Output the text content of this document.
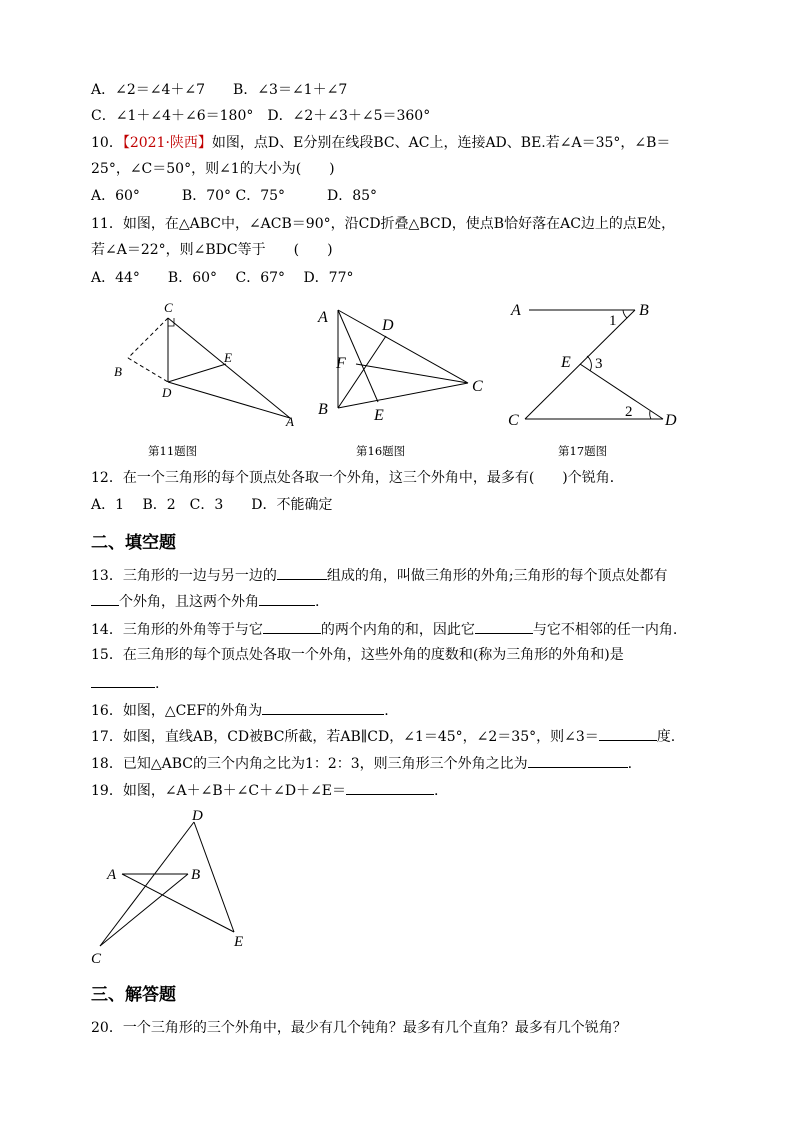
A．∠2＝∠4＋∠7 B．∠3＝∠1＋∠7
C．∠1＋∠4＋∠6＝180° D．∠2＋∠3＋∠5＝360°
10．【2021·陕西】如图，点D、E分别在线段BC、AC上，连接AD、BE.若∠A＝35°，∠B＝
25°，∠C＝50°，则∠1的大小为(　　)
A．60°　　　B．70° C．75°　　　D．85°
11．如图，在△ABC中，∠ACB＝90°，沿CD折叠△BCD，使点B恰好落在AC边上的点E处，
若∠A＝22°，则∠BDC等于　　(　　)
A．44°　　B．60°　 C．67°　 D．77°
C
B
E
D
A
第11题图
A	D
F
C
B	E
第16题图
A	B
1
E 3
2
C	D
第17题图
12．在一个三角形的每个顶点处各取一个外角，这三个外角中，最多有(　　)个锐角．
A．1　 B．2　C．3　　D．不能确定
二、填空题
13．三角形的一边与另一边的	组成的角，叫做三角形的外角;三角形的每个顶点处都有
个外角，且这两个外角	.
14．三角形的外角等于与它	的两个内角的和，因此它	与它不相邻的任一内角.
15．在三角形的每个顶点处各取一个外角，这些外角的度数和(称为三角形的外角和)是
.
16．如图，△CEF的外角为	.
17．如图，直线AB，CD被BC所截，若AB∥CD，∠1＝45°，∠2＝35°，则∠3＝	度.
18．已知△ABC的三个内角之比为1：2：3，则三角形三个外角之比为	.
19．如图，∠A＋∠B＋∠C＋∠D＋∠E＝	.
D
A	B
C
E
三、解答题
20．一个三角形的三个外角中，最少有几个钝角？最多有几个直角？最多有几个锐角？
